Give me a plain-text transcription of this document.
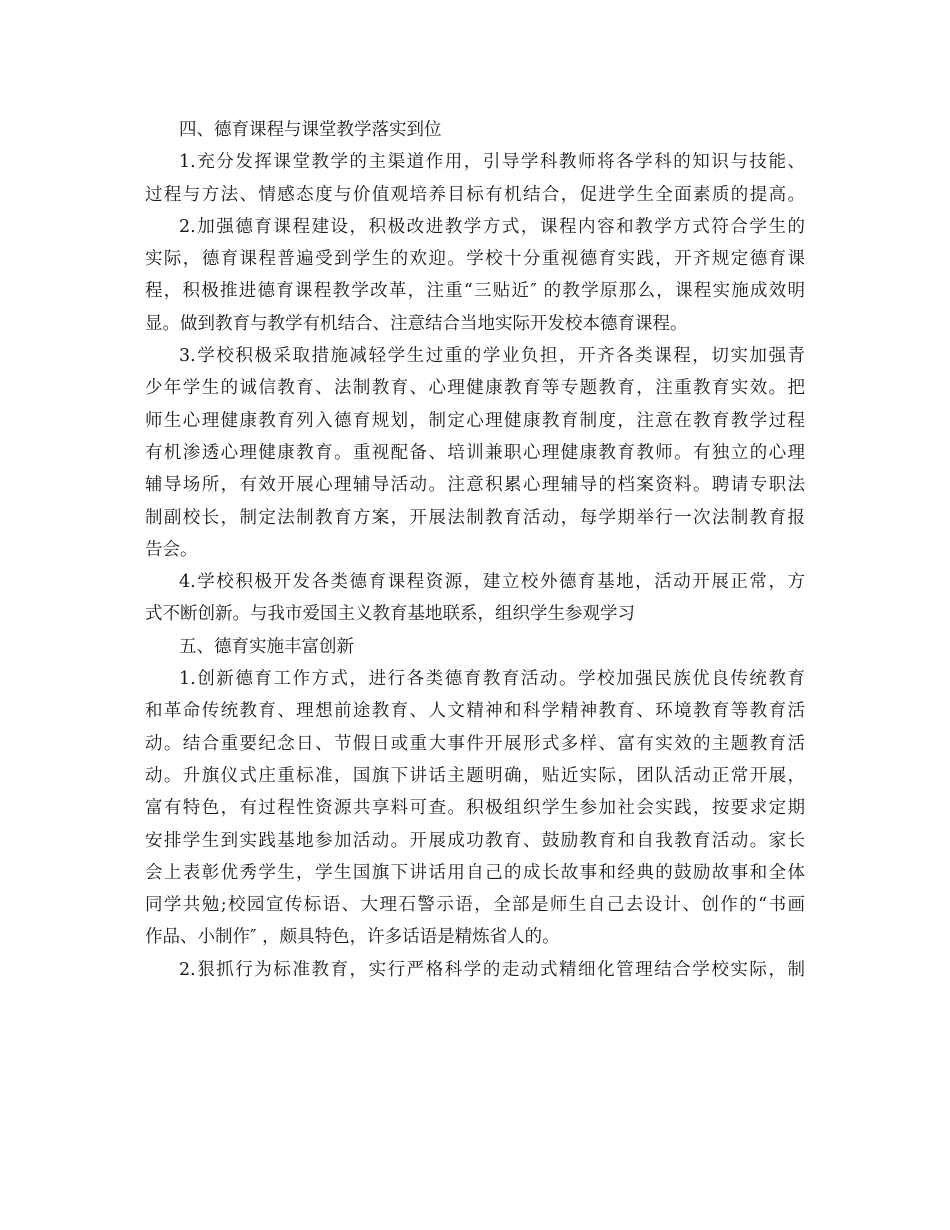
四、德育课程与课堂教学落实到位

1.充分发挥课堂教学的主渠道作用，引导学科教师将各学科的知识与技能、

过程与方法、情感态度与价值观培养目标有机结合，促进学生全面素质的提高。

2.加强德育课程建设，积极改进教学方式，课程内容和教学方式符合学生的

实际，德育课程普遍受到学生的欢迎。学校十分重视德育实践，开齐规定德育课

程，积极推进德育课程教学改革，注重“三贴近″ 的教学原那么，课程实施成效明

显。做到教育与教学有机结合、注意结合当地实际开发校本德育课程。

3.学校积极采取措施减轻学生过重的学业负担，开齐各类课程，切实加强青

少年学生的诚信教育、法制教育、心理健康教育等专题教育，注重教育实效。把

师生心理健康教育列入德育规划，制定心理健康教育制度，注意在教育教学过程

有机渗透心理健康教育。重视配备、培训兼职心理健康教育教师。有独立的心理

辅导场所，有效开展心理辅导活动。注意积累心理辅导的档案资料。聘请专职法

制副校长，制定法制教育方案，开展法制教育活动，每学期举行一次法制教育报

告会。

4.学校积极开发各类德育课程资源，建立校外德育基地，活动开展正常，方

式不断创新。与我市爱国主义教育基地联系，组织学生参观学习

五、德育实施丰富创新

1.创新德育工作方式，进行各类德育教育活动。学校加强民族优良传统教育

和革命传统教育、理想前途教育、人文精神和科学精神教育、环境教育等教育活

动。结合重要纪念日、节假日或重大事件开展形式多样、富有实效的主题教育活

动。升旗仪式庄重标准，国旗下讲话主题明确，贴近实际，团队活动正常开展，

富有特色，有过程性资源共享料可查。积极组织学生参加社会实践，按要求定期

安排学生到实践基地参加活动。开展成功教育、鼓励教育和自我教育活动。家长

会上表彰优秀学生，学生国旗下讲话用自己的成长故事和经典的鼓励故事和全体

同学共勉;校园宣传标语、大理石警示语，全部是师生自己去设计、创作的“书画

作品、小制作″ ，颇具特色，许多话语是精炼省人的。

2.狠抓行为标准教育，实行严格科学的走动式精细化管理结合学校实际，制
